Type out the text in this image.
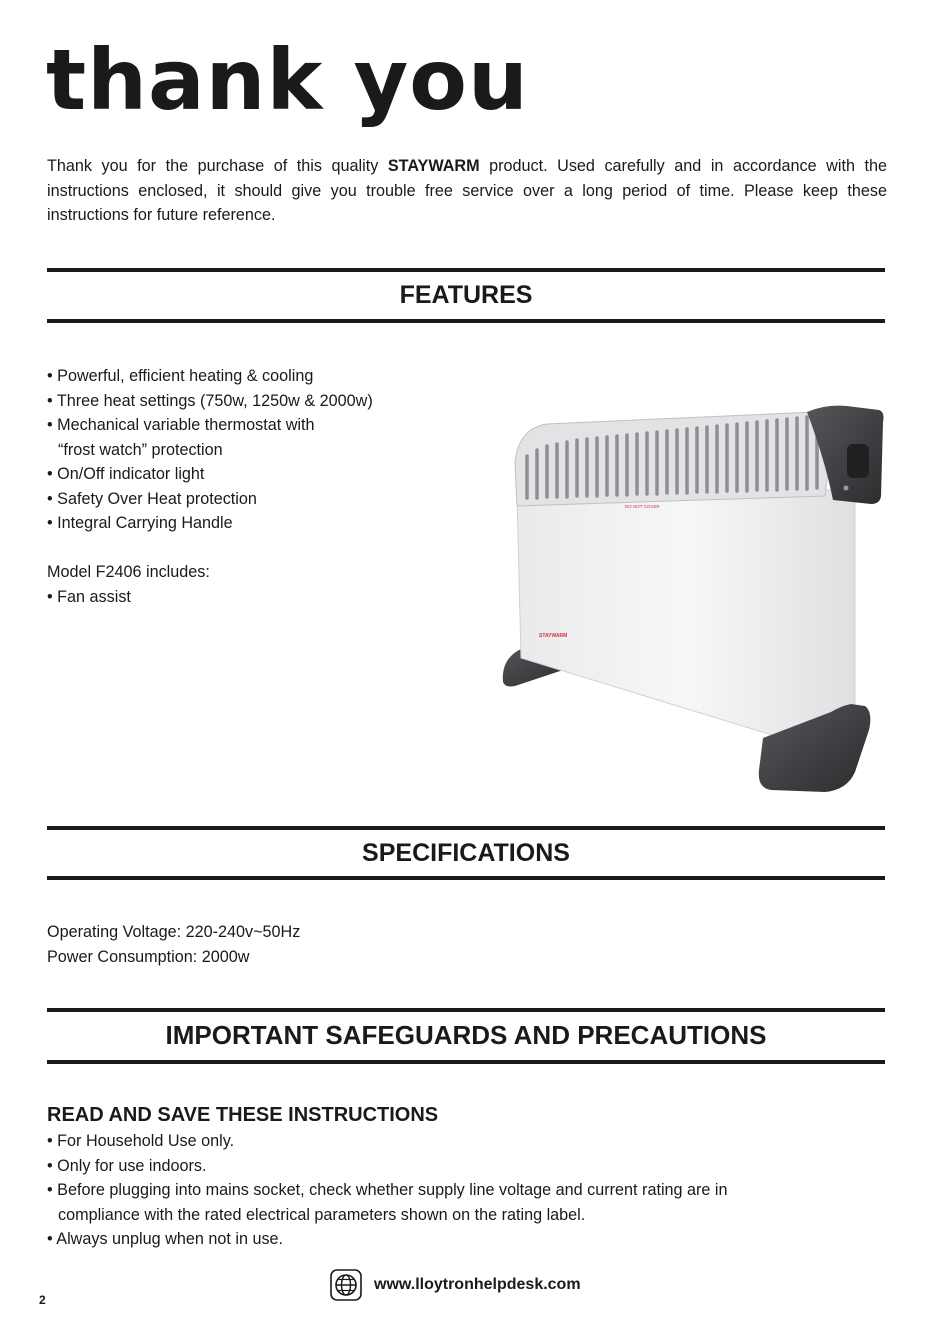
thank you

Thank you for the purchase of this quality STAYWARM product. Used carefully and in accordance with the instructions enclosed, it should give you trouble free service over a long period of time. Please keep these instructions for future reference.

FEATURES
• Powerful, efficient heating & cooling
• Three heat settings (750w, 1250w & 2000w)
• Mechanical variable thermostat with
“frost watch” protection
• On/Off indicator light
• Safety Over Heat protection
• Integral Carrying Handle

Model F2406 includes:

• Fan assist
DO NOT COVER
STAYWARM
SPECIFICATIONS

Operating Voltage: 220-240v~50Hz

Power Consumption: 2000w

IMPORTANT SAFEGUARDS AND PRECAUTIONS
READ AND SAVE THESE INSTRUCTIONS
• For Household Use only.
• Only for use indoors.
• Before plugging into mains socket, check whether supply line voltage and current rating are in
compliance with the rated electrical parameters shown on the rating label.
• Always unplug when not in use.
www.lloytronhelpdesk.com
2
